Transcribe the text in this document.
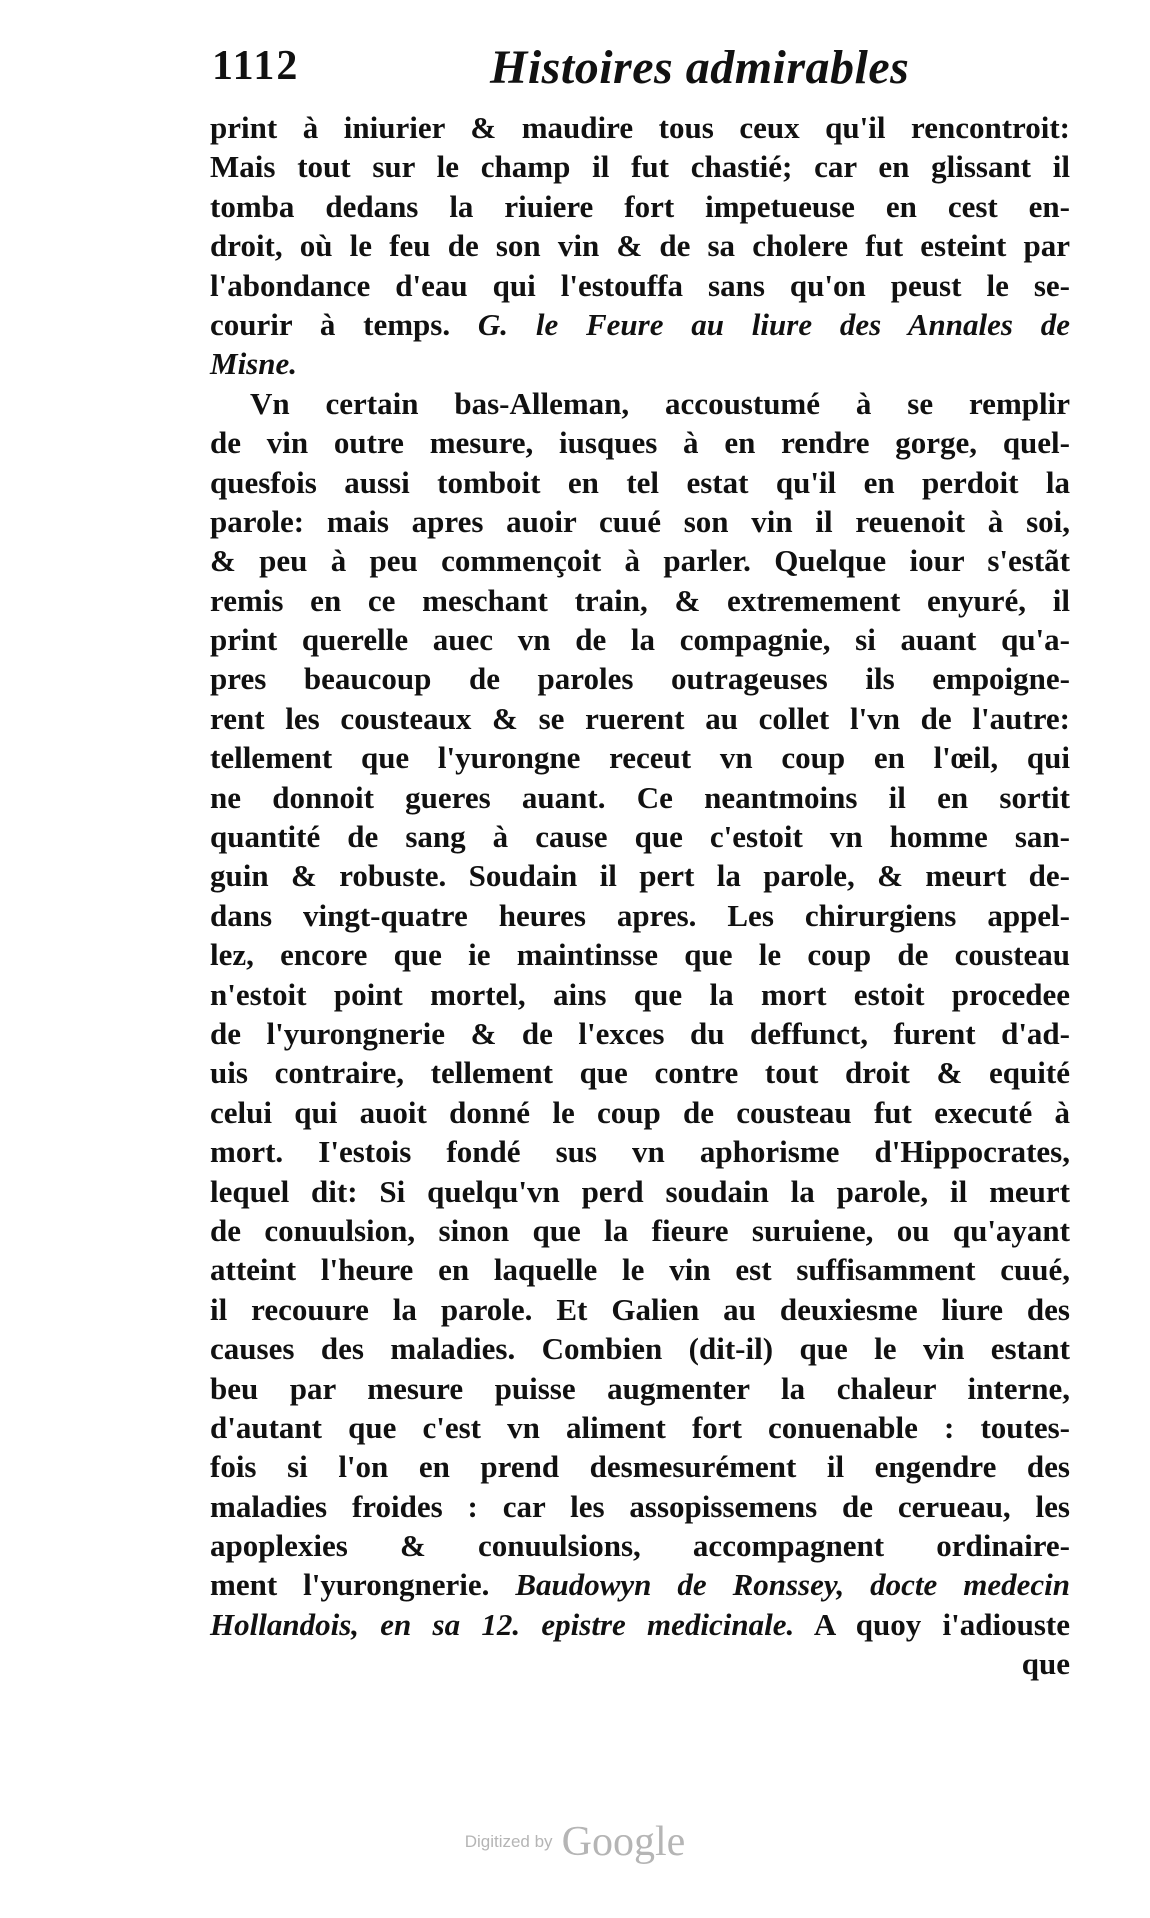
1112	Histoires admirables
print à iniurier & maudire tous ceux qu'il rencontroit:
Mais tout sur le champ il fut chastié; car en glissant il
tomba dedans la riuiere fort impetueuse en cest en-
droit, où le feu de son vin & de sa cholere fut esteint par
l'abondance d'eau qui l'estouffa sans qu'on peust le se-
courir à temps. G. le Feure au liure des Annales de
Misne.
Vn certain bas-Alleman, accoustumé à se remplir
de vin outre mesure, iusques à en rendre gorge, quel-
quesfois aussi tomboit en tel estat qu'il en perdoit la
parole: mais apres auoir cuué son vin il reuenoit à soi,
& peu à peu commençoit à parler. Quelque iour s'estãt
remis en ce meschant train, & extremement enyuré, il
print querelle auec vn de la compagnie, si auant qu'a-
pres beaucoup de paroles outrageuses ils empoigne-
rent les cousteaux & se ruerent au collet l'vn de l'autre:
tellement que l'yurongne receut vn coup en l'œil, qui
ne donnoit gueres auant. Ce neantmoins il en sortit
quantité de sang à cause que c'estoit vn homme san-
guin & robuste. Soudain il pert la parole, & meurt de-
dans vingt-quatre heures apres. Les chirurgiens appel-
lez, encore que ie maintinsse que le coup de cousteau
n'estoit point mortel, ains que la mort estoit procedee
de l'yurongnerie & de l'exces du deffunct, furent d'ad-
uis contraire, tellement que contre tout droit & equité
celui qui auoit donné le coup de cousteau fut executé à
mort. I'estois fondé sus vn aphorisme d'Hippocrates,
lequel dit: Si quelqu'vn perd soudain la parole, il meurt
de conuulsion, sinon que la fieure suruiene, ou qu'ayant
atteint l'heure en laquelle le vin est suffisamment cuué,
il recouure la parole. Et Galien au deuxiesme liure des
causes des maladies. Combien (dit-il) que le vin estant
beu par mesure puisse augmenter la chaleur interne,
d'autant que c'est vn aliment fort conuenable : toutes-
fois si l'on en prend desmesurément il engendre des
maladies froides : car les assopissemens de cerueau, les
apoplexies & conuulsions, accompagnent ordinaire-
ment l'yurongnerie. Baudowyn de Ronssey, docte medecin
Hollandois, en sa 12. epistre medicinale. A quoy i'adiouste
que
Digitized by Google
